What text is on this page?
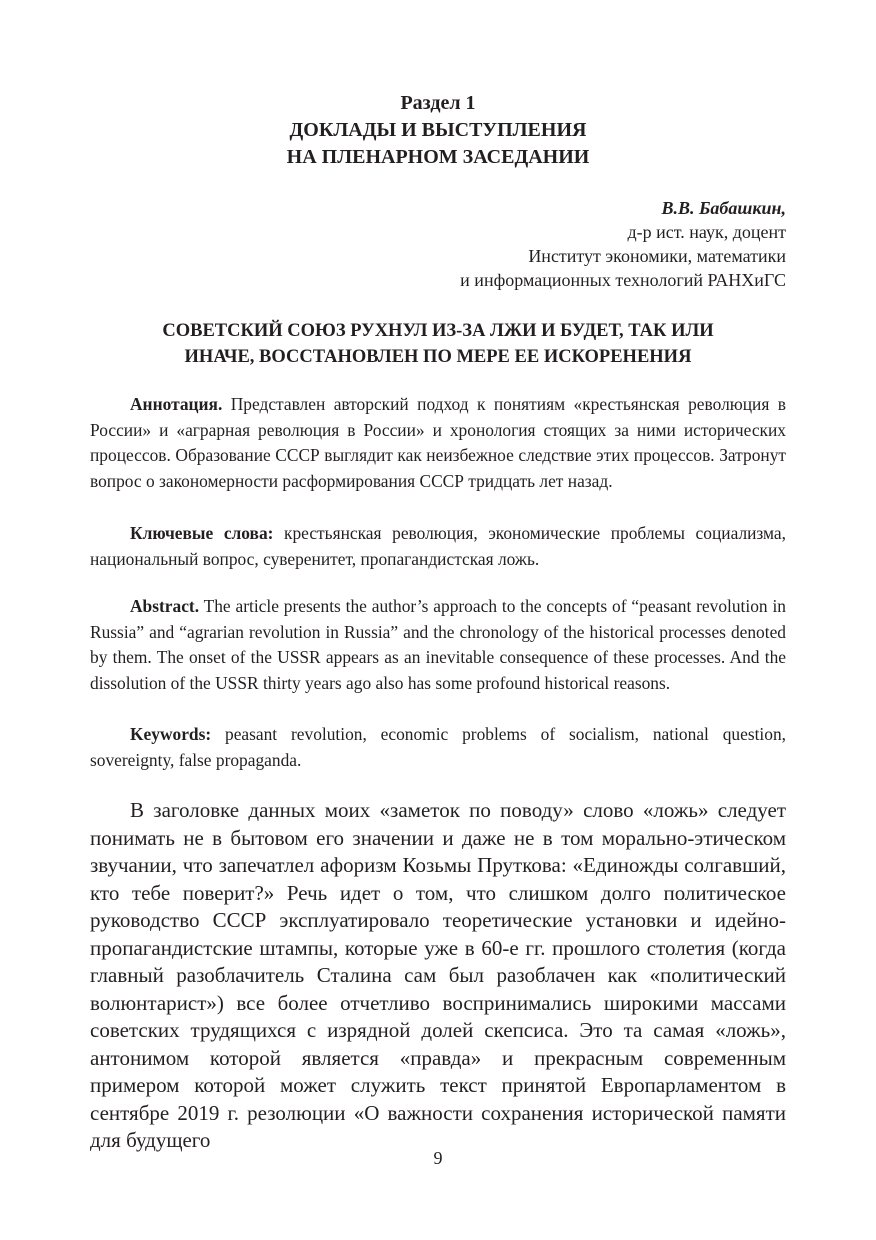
Раздел 1
ДОКЛАДЫ И ВЫСТУПЛЕНИЯ
НА ПЛЕНАРНОМ ЗАСЕДАНИИ
В.В. Бабашкин,
д-р ист. наук, доцент
Институт экономики, математики
и информационных технологий РАНХиГС
СОВЕТСКИЙ СОЮЗ РУХНУЛ ИЗ-ЗА ЛЖИ И БУДЕТ, ТАК ИЛИ
ИНАЧЕ, ВОССТАНОВЛЕН ПО МЕРЕ ЕЕ ИСКОРЕНЕНИЯ

Аннотация. Представлен авторский подход к понятиям «крестьянская революция в России» и «аграрная революция в России» и хронология стоящих за ними исторических процессов. Образование СССР выглядит как неизбежное следствие этих процессов. Затронут вопрос о закономерности расформирования СССР тридцать лет назад.

Ключевые слова: крестьянская революция, экономические проблемы социализма, национальный вопрос, суверенитет, пропагандистская ложь.

Abstract. The article presents the author’s approach to the concepts of “peasant revolution in Russia” and “agrarian revolution in Russia” and the chronology of the historical processes denoted by them. The onset of the USSR appears as an inevitable consequence of these processes. And the dissolution of the USSR thirty years ago also has some profound historical reasons.

Keywords: peasant revolution, economic problems of socialism, national question, sovereignty, false propaganda.

В заголовке данных моих «заметок по поводу» слово «ложь» следует понимать не в бытовом его значении и даже не в том морально-этическом звучании, что запечатлел афоризм Козьмы Пруткова: «Единожды солгавший, кто тебе поверит?» Речь идет о том, что слишком долго политическое руководство СССР эксплуатировало теоретические установки и идейно-пропагандистские штампы, которые уже в 60-е гг. прошлого столетия (когда главный разоблачитель Сталина сам был разоблачен как «политический волюнтарист») все более отчетливо воспринимались широкими массами советских трудящихся с изрядной долей скепсиса. Это та самая «ложь», антонимом которой является «правда» и прекрасным современным примером которой может служить текст принятой Европарламентом в сентябре 2019 г. резолюции «О важности сохранения исторической памяти для будущего

9
